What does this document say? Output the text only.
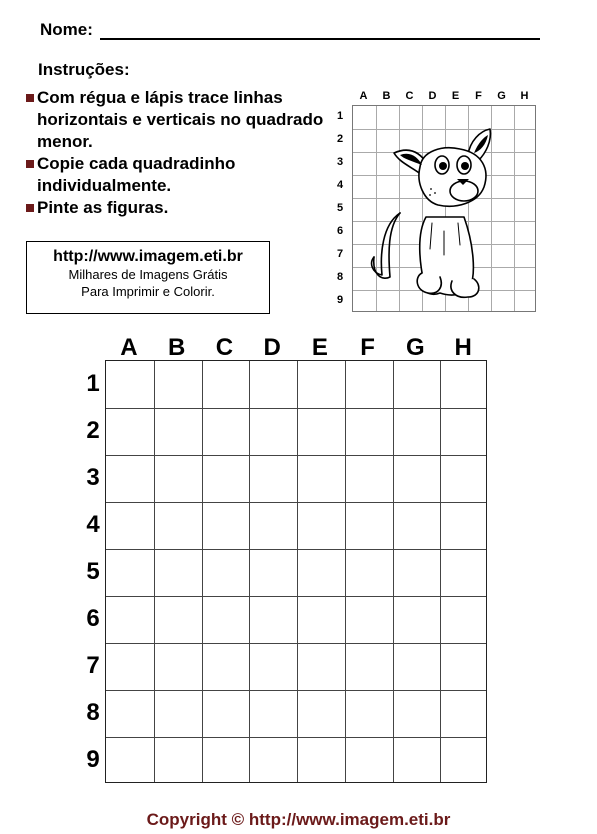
Nome:
Instruções:
Com régua e lápis trace linhas horizontais e verticais no quadrado menor.
Copie cada quadradinho individualmente.
Pinte as figuras.
http://www.imagem.eti.br
Milhares de Imagens Grátis
Para Imprimir e Colorir.
A	B	C	D	E	F	G	H
1
2
3
4
5
6
7
8
9
A	B	C	D	E	F	G	H
1
2
3
4
5
6
7
8
9
Copyright © http://www.imagem.eti.br
